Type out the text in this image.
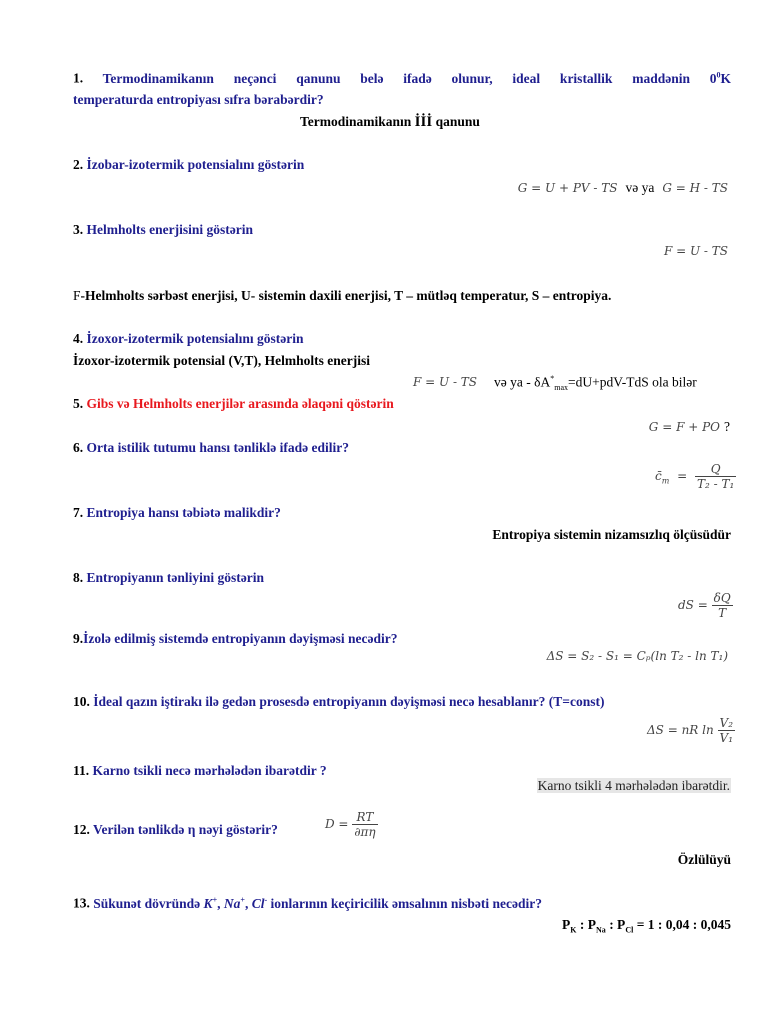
1. Termodinamikanın neçənci qanunu belə ifadə olunur, ideal kristallik maddənin $0^0K$
temperaturda entropiyası sıfra bərabərdir?
Termodinamikanın İİİ qanunu
2. İzobar-izotermik potensialını göstərin
G = U + PV - TS və ya G = H - TS
3. Helmholts enerjisini göstərin
F = U - TS
F-Helmholts sərbəst enerjisi, U- sistemin daxili enerjisi, T – mütləq temperatur, S – entropiya.
4. İzoxor-izotermik potensialını göstərin
İzoxor-izotermik potensial (V,T), Helmholts enerjisi
F = U - TS və ya - $\delta A^*_{max}=dU+pdV$-TdS ola bilər
5. Gibs və Helmholts enerjilər arasında əlaqəni qöstərin
G = F + PO ?
6. Orta istilik tutumu hansı tənliklə ifadə edilir?
$c̄_m = \frac{Q}{\text{T₂ - T₁}}$
7. Entropiya hansı təbiətə malikdir?
Entropiya sistemin nizamsızlıq ölçüsüdür
8. Entropiyanın tənliyini göstərin
dS = $\frac{\delta Q}{T}$
9.İzolə edilmiş sistemdə entropiyanın dəyişməsi necədir?
ΔS = S₂ - S₁ = Cₚ(ln T₂ - ln T₁)
10. İdeal qazın iştirakı ilə gedən prosesdə entropiyanın dəyişməsi necə hesablanır? (T=const)
ΔS = nR $\ln \frac{\text{V₂}}{\text{V₁}}$
11. Karno tsikli necə mərhələdən ibarətdir ?
Karno tsikli 4 mərhələdən ibarətdir.
12. Verilən tənlikdə η nəyi göstərir?	$D = \frac{RT}{\partial\pi\eta}$
Özlülüyü
13. Sükunət dövründə K+, Na+, Cl- ionlarının keçiricilik əmsalının nisbəti necədir?
$P_K$ : $P_{Na}$ : $P_{Cl} = 1$ : 0,04 : 0,045
